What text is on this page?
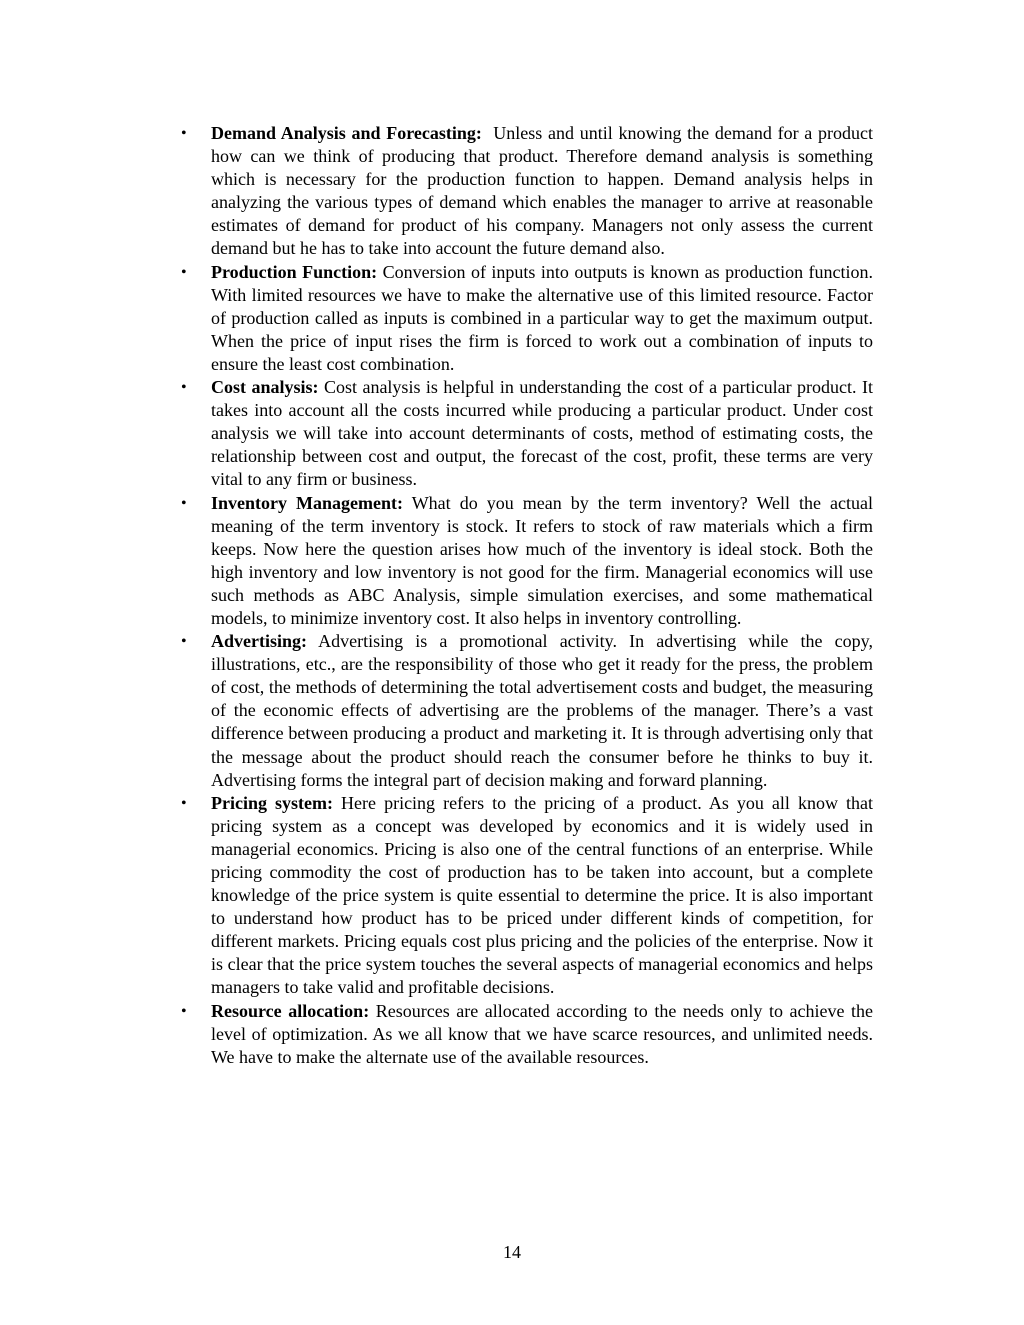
• Demand Analysis and Forecasting:  Unless and until knowing the demand for a product how can we think of producing that product. Therefore demand analysis is something which is necessary for the production function to happen. Demand analysis helps in analyzing the various types of demand which enables the manager to arrive at reasonable estimates of demand for product of his company. Managers not only assess the current demand but he has to take into account the future demand also.
• Production Function: Conversion of inputs into outputs is known as production function. With limited resources we have to make the alternative use of this limited resource. Factor of production called as inputs is combined in a particular way to get the maximum output. When the price of input rises the firm is forced to work out a combination of inputs to ensure the least cost combination.
• Cost analysis: Cost analysis is helpful in understanding the cost of a particular product. It takes into account all the costs incurred while producing a particular product. Under cost analysis we will take into account determinants of costs, method of estimating costs, the relationship between cost and output, the forecast of the cost, profit, these terms are very vital to any firm or business.
• Inventory Management: What do you mean by the term inventory? Well the actual meaning of the term inventory is stock. It refers to stock of raw materials which a firm keeps. Now here the question arises how much of the inventory is ideal stock. Both the high inventory and low inventory is not good for the firm. Managerial economics will use such methods as ABC Analysis, simple simulation exercises, and some mathematical models, to minimize inventory cost. It also helps in inventory controlling.
• Advertising: Advertising is a promotional activity. In advertising while the copy, illustrations, etc., are the responsibility of those who get it ready for the press, the problem of cost, the methods of determining the total advertisement costs and budget, the measuring of the economic effects of advertising are the problems of the manager. There’s a vast difference between producing a product and marketing it. It is through advertising only that the message about the product should reach the consumer before he thinks to buy it. Advertising forms the integral part of decision making and forward planning.
• Pricing system: Here pricing refers to the pricing of a product. As you all know that pricing system as a concept was developed by economics and it is widely used in managerial economics. Pricing is also one of the central functions of an enterprise. While pricing commodity the cost of production has to be taken into account, but a complete knowledge of the price system is quite essential to determine the price. It is also important to understand how product has to be priced under different kinds of competition, for different markets. Pricing equals cost plus pricing and the policies of the enterprise. Now it is clear that the price system touches the several aspects of managerial economics and helps managers to take valid and profitable decisions.
• Resource allocation: Resources are allocated according to the needs only to achieve the level of optimization. As we all know that we have scarce resources, and unlimited needs. We have to make the alternate use of the available resources.
14
